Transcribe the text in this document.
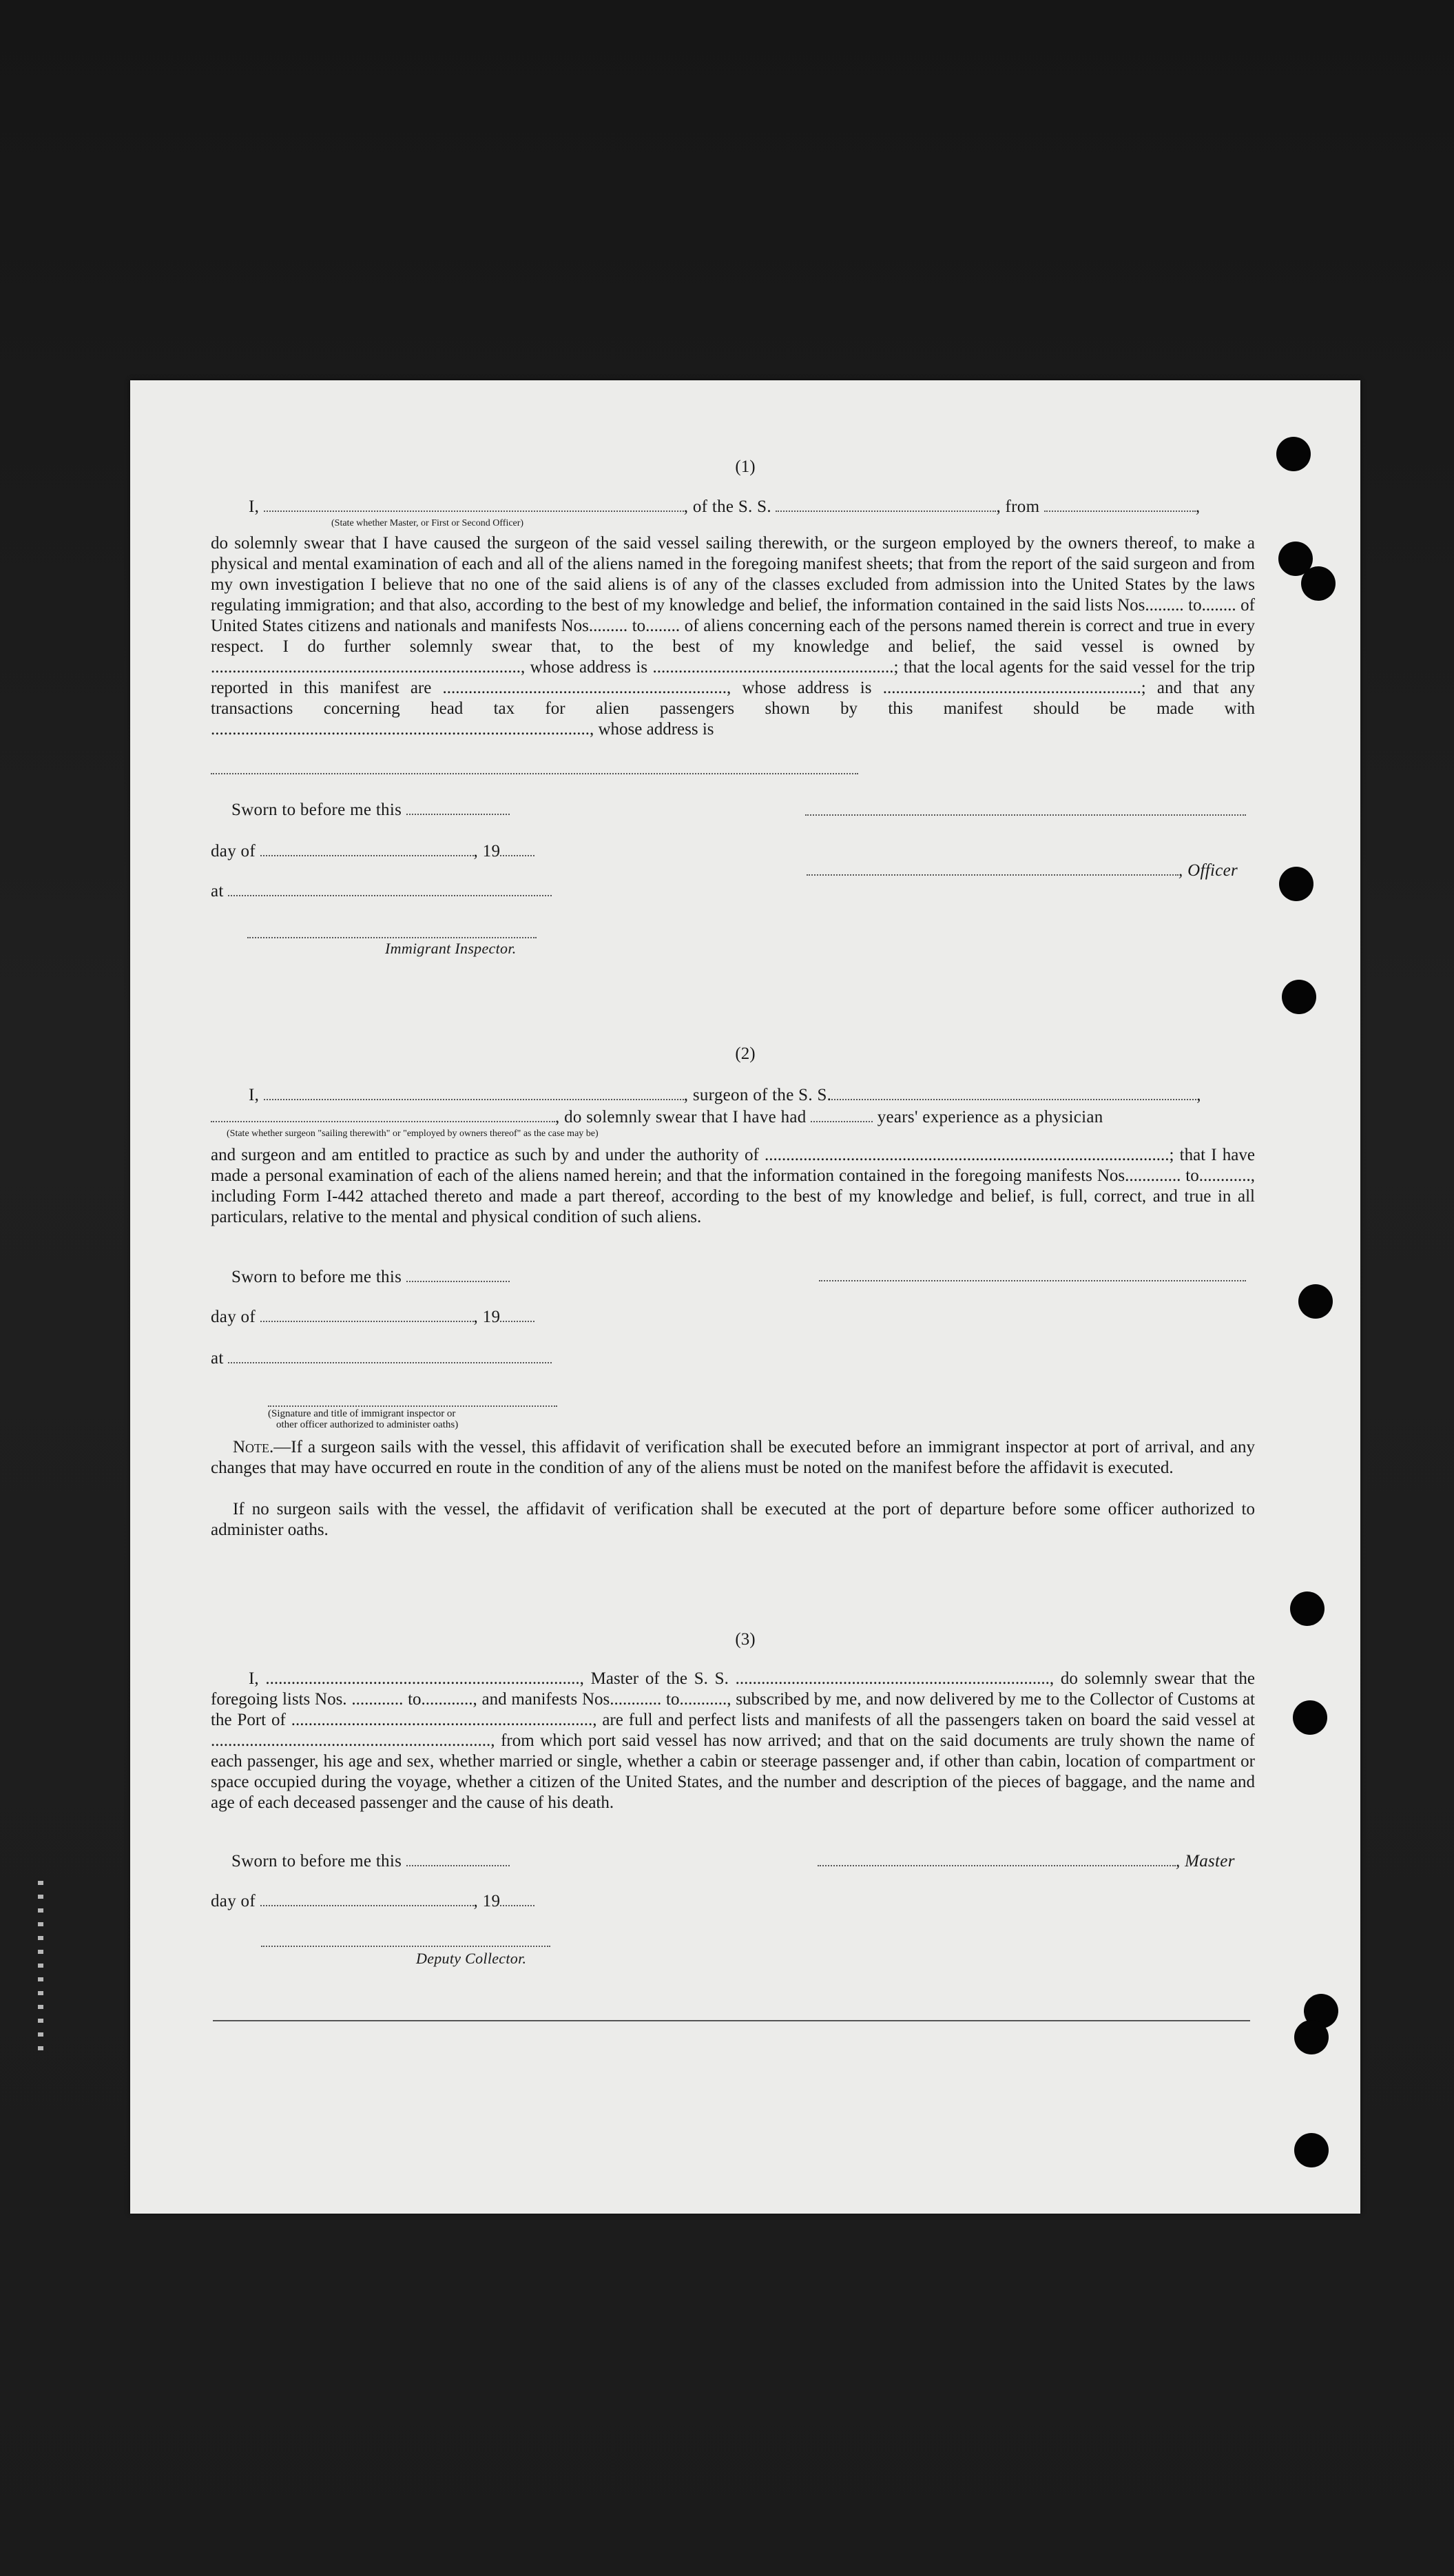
(1)
I,	, of the S. S.	, from	,
(State whether Master, or First or Second Officer)
do solemnly swear that I have caused the surgeon of the said vessel sailing therewith, or the surgeon employed by the owners thereof, to make a physical and mental examination of each and all of the aliens named in the foregoing manifest sheets; that from the report of the said surgeon and from my own investigation I believe that no one of the said aliens is of any of the classes excluded from admission into the United States by the laws regulating immigration; and that also, according to the best of my knowledge and belief, the information contained in the said lists Nos......... to........ of United States citizens and nationals and manifests Nos......... to........ of aliens concerning each of the persons named therein is correct and true in every respect. I do further solemnly swear that, to the best of my knowledge and belief, the said vessel is owned by ........................................................................, whose address is ........................................................; that the local agents for the said vessel for the trip reported in this manifest are .................................................................., whose address is ............................................................; and that any transactions concerning head tax for alien passengers shown by this manifest should be made with ........................................................................................, whose address is
Sworn to before me this
day of	, 19
, Officer
at
Immigrant Inspector.
(2)
I,	, surgeon of the S. S.	,
, do solemnly swear that I have had	years' experience as a physician
(State whether surgeon "sailing therewith" or "employed by owners thereof" as the case may be)
and surgeon and am entitled to practice as such by and under the authority of ..............................................................................................; that I have made a personal examination of each of the aliens named herein; and that the information contained in the foregoing manifests Nos............. to............, including Form I-442 attached thereto and made a part thereof, according to the best of my knowledge and belief, is full, correct, and true in all particulars, relative to the mental and physical condition of such aliens.
Sworn to before me this
day of	, 19
at
(Signature and title of immigrant inspector or
other officer authorized to administer oaths)
Note.—If a surgeon sails with the vessel, this affidavit of verification shall be executed before an immigrant inspector at port of arrival, and any changes that may have occurred en route in the condition of any of the aliens must be noted on the manifest before the affidavit is executed.
If no surgeon sails with the vessel, the affidavit of verification shall be executed at the port of departure before some officer authorized to administer oaths.
(3)
I, ........................................................................., Master of the S. S. ........................................................................., do solemnly swear that the foregoing lists Nos. ............ to............, and manifests Nos............ to..........., subscribed by me, and now delivered by me to the Collector of Customs at the Port of ......................................................................, are full and perfect lists and manifests of all the passengers taken on board the said vessel at ................................................................., from which port said vessel has now arrived; and that on the said documents are truly shown the name of each passenger, his age and sex, whether married or single, whether a cabin or steerage passenger and, if other than cabin, location of compartment or space occupied during the voyage, whether a citizen of the United States, and the number and description of the pieces of baggage, and the name and age of each deceased passenger and the cause of his death.
Sworn to before me this	, Master
day of	, 19
Deputy Collector.
